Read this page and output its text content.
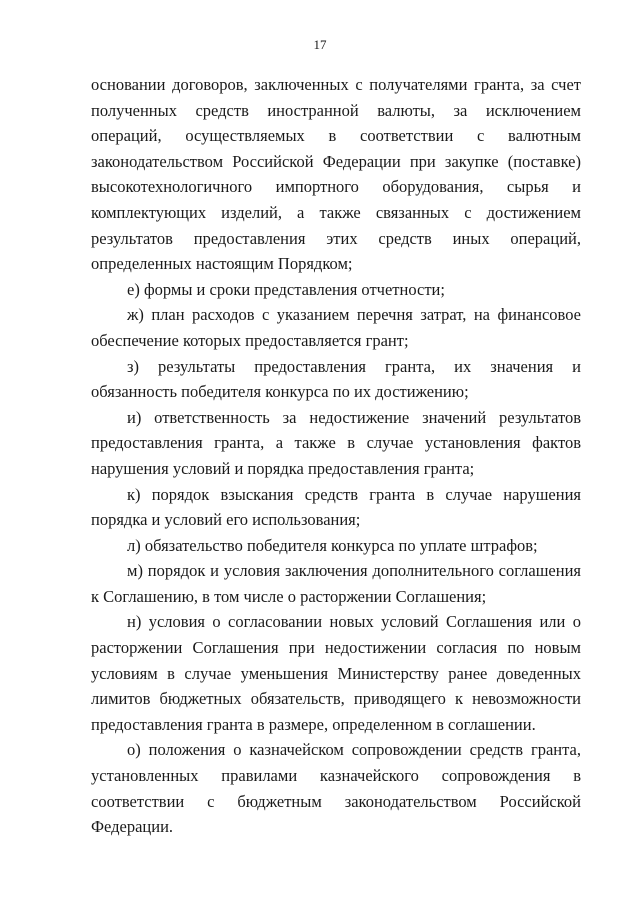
17

основании договоров, заключенных с получателями гранта, за счет полученных средств иностранной валюты, за исключением операций, осуществляемых в соответствии с валютным законодательством Российской Федерации при закупке (поставке) высокотехнологичного импортного оборудования, сырья и комплектующих изделий, а также связанных с достижением результатов предоставления этих средств иных операций, определенных настоящим Порядком;

е) формы и сроки представления отчетности;

ж) план расходов с указанием перечня затрат, на финансовое обеспечение которых предоставляется грант;

з) результаты предоставления гранта, их значения и обязанность победителя конкурса по их достижению;

и) ответственность за недостижение значений результатов предоставления гранта, а также в случае установления фактов нарушения условий и порядка предоставления гранта;

к) порядок взыскания средств гранта в случае нарушения порядка и условий его использования;

л) обязательство победителя конкурса по уплате штрафов;

м) порядок и условия заключения дополнительного соглашения к Соглашению, в том числе о расторжении Соглашения;

н) условия о согласовании новых условий Соглашения или о расторжении Соглашения при недостижении согласия по новым условиям в случае уменьшения Министерству ранее доведенных лимитов бюджетных обязательств, приводящего к невозможности предоставления гранта в размере, определенном в соглашении.

о) положения о казначейском сопровождении средств гранта, установленных правилами казначейского сопровождения в соответствии с бюджетным законодательством Российской Федерации.
